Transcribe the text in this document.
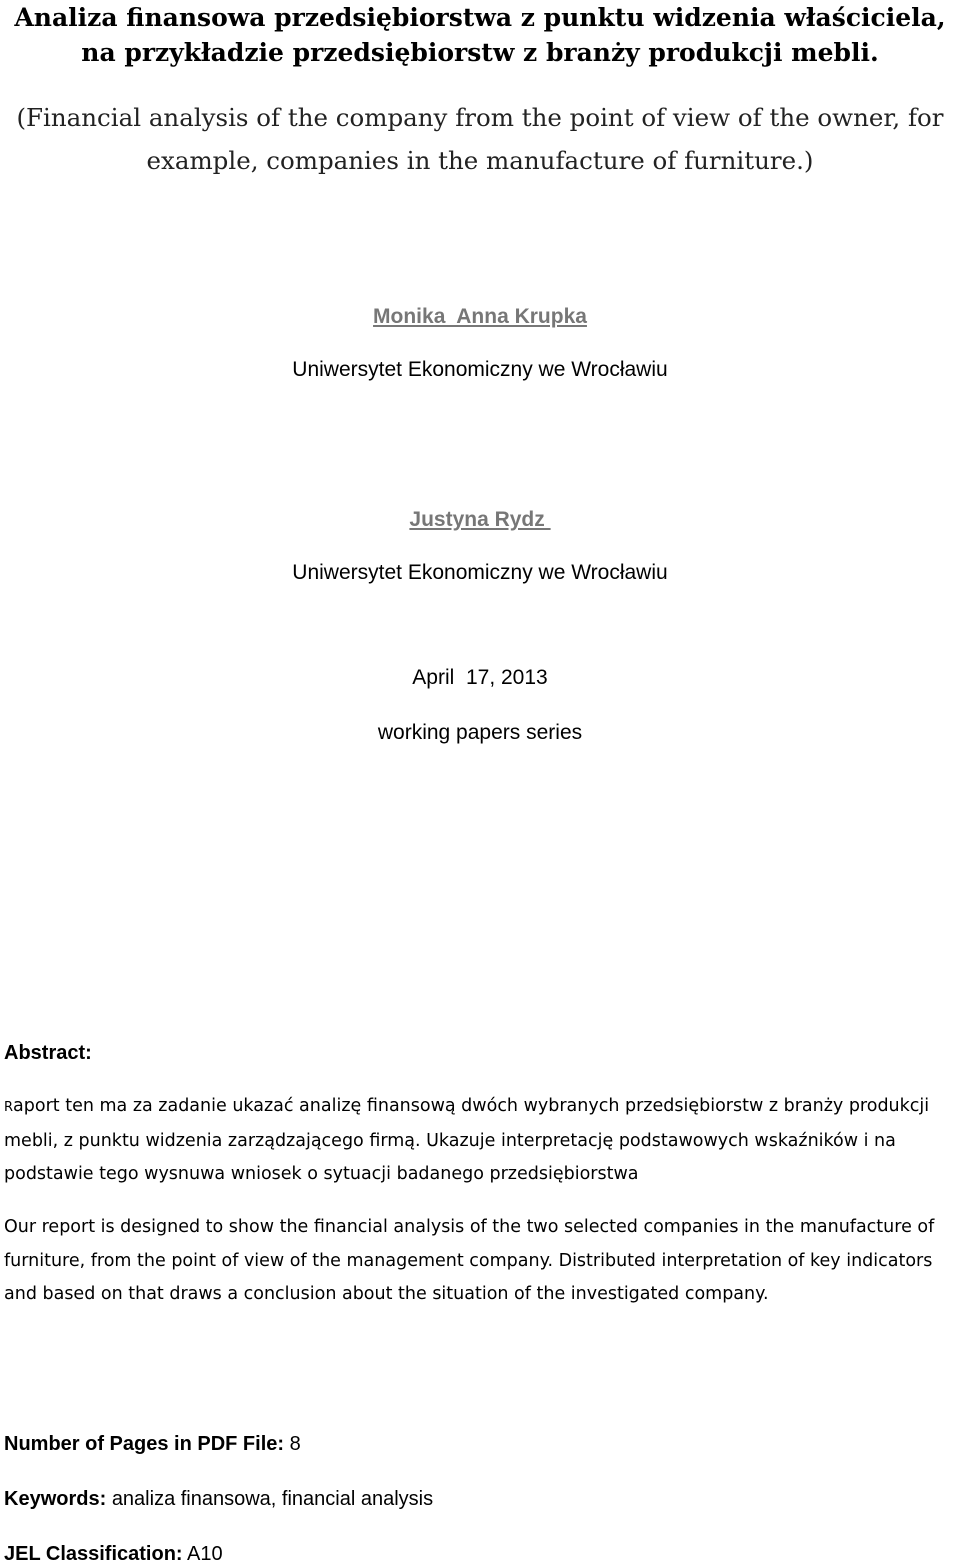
Analiza finansowa przedsiębiorstwa z punktu widzenia właściciela,
na przykładzie przedsiębiorstw z branży produkcji mebli.
(Financial analysis of the company from the point of view of the owner, for
example, companies in the manufacture of furniture.)
Monika  Anna Krupka
Uniwersytet Ekonomiczny we Wrocławiu
Justyna Rydz
Uniwersytet Ekonomiczny we Wrocławiu
April  17, 2013
working papers series
Abstract:
Raport ten ma za zadanie ukazać analizę finansową dwóch wybranych przedsiębiorstw z branży produkcji mebli, z punktu widzenia zarządzającego firmą. Ukazuje interpretację podstawowych wskaźników i na podstawie tego wysnuwa wniosek o sytuacji badanego przedsiębiorstwa
Our report is designed to show the financial analysis of the two selected companies in the manufacture of furniture, from the point of view of the management company. Distributed interpretation of key indicators and based on that draws a conclusion about the situation of the investigated company.
Number of Pages in PDF File: 8
Keywords: analiza finansowa, financial analysis
JEL Classification: A10
